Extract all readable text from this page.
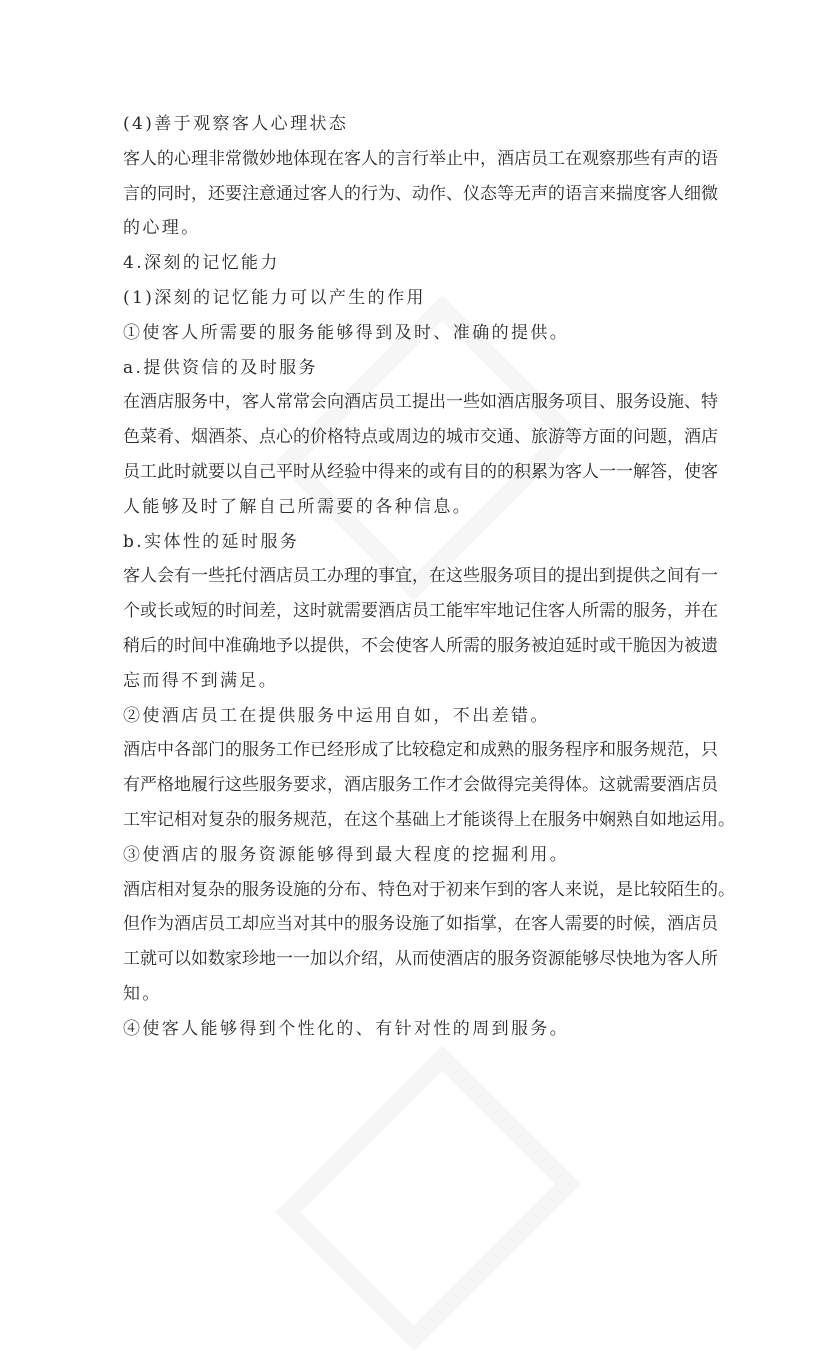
(4)善于观察客人心理状态
客人的心理非常微妙地体现在客人的言行举止中，酒店员工在观察那些有声的语
言的同时，还要注意通过客人的行为、动作、仪态等无声的语言来揣度客人细微
的心理。
4.深刻的记忆能力
(1)深刻的记忆能力可以产生的作用
①使客人所需要的服务能够得到及时、准确的提供。
a.提供资信的及时服务
在酒店服务中，客人常常会向酒店员工提出一些如酒店服务项目、服务设施、特
色菜肴、烟酒茶、点心的价格特点或周边的城市交通、旅游等方面的问题，酒店
员工此时就要以自己平时从经验中得来的或有目的的积累为客人一一解答，使客
人能够及时了解自己所需要的各种信息。
b.实体性的延时服务
客人会有一些托付酒店员工办理的事宜，在这些服务项目的提出到提供之间有一
个或长或短的时间差，这时就需要酒店员工能牢牢地记住客人所需的服务，并在
稍后的时间中准确地予以提供，不会使客人所需的服务被迫延时或干脆因为被遗
忘而得不到满足。
②使酒店员工在提供服务中运用自如，不出差错。
酒店中各部门的服务工作已经形成了比较稳定和成熟的服务程序和服务规范，只
有严格地履行这些服务要求，酒店服务工作才会做得完美得体。这就需要酒店员
工牢记相对复杂的服务规范，在这个基础上才能谈得上在服务中娴熟自如地运用。
③使酒店的服务资源能够得到最大程度的挖掘利用。
酒店相对复杂的服务设施的分布、特色对于初来乍到的客人来说，是比较陌生的。
但作为酒店员工却应当对其中的服务设施了如指掌，在客人需要的时候，酒店员
工就可以如数家珍地一一加以介绍，从而使酒店的服务资源能够尽快地为客人所
知。
④使客人能够得到个性化的、有针对性的周到服务。
